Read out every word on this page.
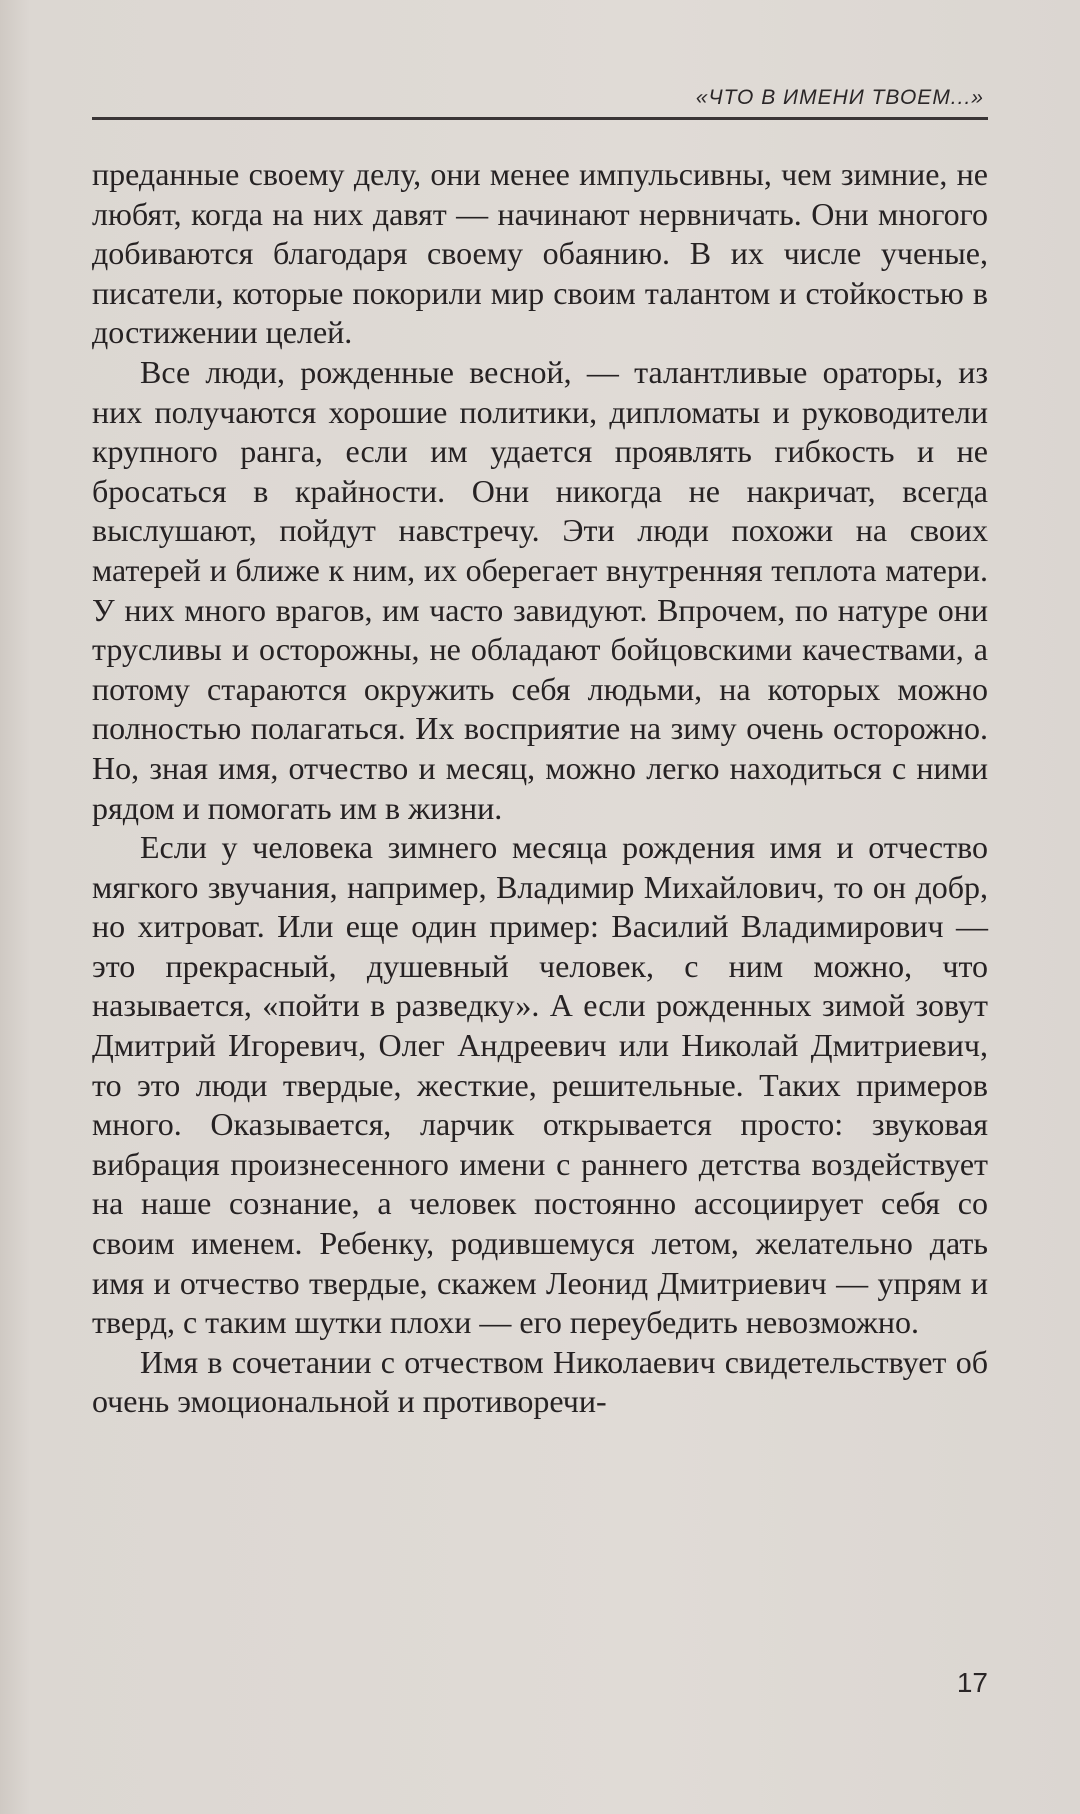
«ЧТО В ИМЕНИ ТВОЕМ...»

преданные своему делу, они менее импульсивны, чем зимние, не любят, когда на них давят — начинают нервничать. Они многого добиваются благодаря своему обаянию. В их числе ученые, писатели, которые покорили мир своим талантом и стойкостью в достижении целей.

Все люди, рожденные весной, — талантливые ораторы, из них получаются хорошие политики, дипломаты и руководители крупного ранга, если им удается проявлять гибкость и не бросаться в крайности. Они никогда не накричат, всегда выслушают, пойдут навстречу. Эти люди похожи на своих матерей и ближе к ним, их оберегает внутренняя теплота матери. У них много врагов, им часто завидуют. Впрочем, по натуре они трусливы и осторожны, не обладают бойцовскими качествами, а потому стараются окружить себя людьми, на которых можно полностью полагаться. Их восприятие на зиму очень осторожно. Но, зная имя, отчество и месяц, можно легко находиться с ними рядом и помогать им в жизни.

Если у человека зимнего месяца рождения имя и отчество мягкого звучания, например, Владимир Михайлович, то он добр, но хитроват. Или еще один пример: Василий Владимирович — это прекрасный, душевный человек, с ним можно, что называется, «пойти в разведку». А если рожденных зимой зовут Дмитрий Игоревич, Олег Андреевич или Николай Дмитриевич, то это люди твердые, жесткие, решительные. Таких примеров много. Оказывается, ларчик открывается просто: звуковая вибрация произнесенного имени с раннего детства воздействует на наше сознание, а человек постоянно ассоциирует себя со своим именем. Ребенку, родившемуся летом, желательно дать имя и отчество твердые, скажем Леонид Дмитриевич — упрям и тверд, с таким шутки плохи — его переубедить невозможно.

Имя в сочетании с отчеством Николаевич свидетельствует об очень эмоциональной и противоречи-

17
